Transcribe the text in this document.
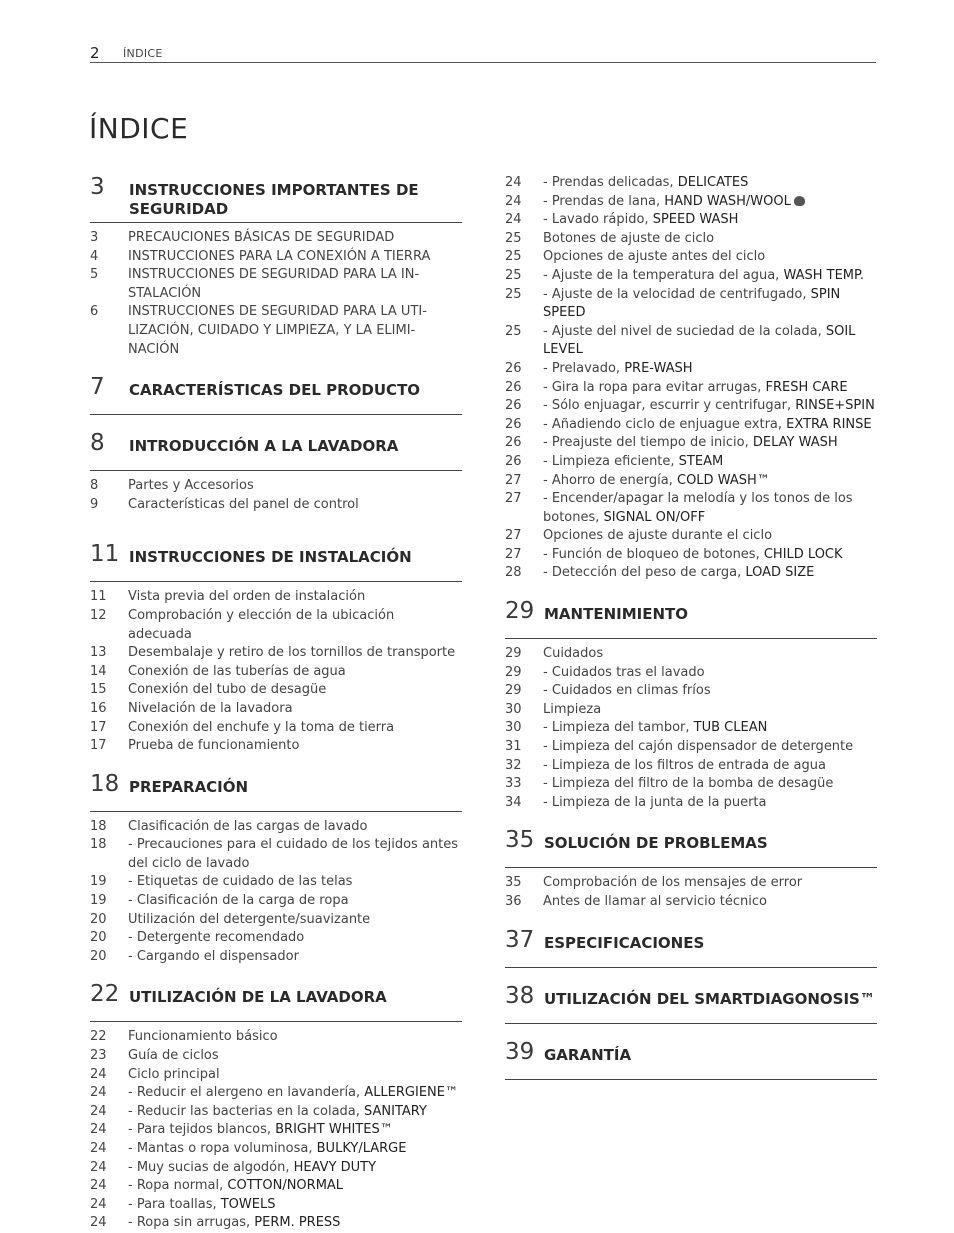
2 ÍNDICE
ÍNDICE
3 INSTRUCCIONES IMPORTANTES DE SEGURIDAD
3	PRECAUCIONES BÁSICAS DE SEGURIDAD
4	INSTRUCCIONES PARA LA CONEXIÓN A TIERRA
5	INSTRUCCIONES DE SEGURIDAD PARA LA IN-STALACIÓN
6	INSTRUCCIONES DE SEGURIDAD PARA LA UTI-LIZACIÓN, CUIDADO Y LIMPIEZA, Y LA ELIMI-NACIÓN
7 CARACTERÍSTICAS DEL PRODUCTO
8 INTRODUCCIÓN A LA LAVADORA
8	Partes y Accesorios
9	Características del panel de control
11 INSTRUCCIONES DE INSTALACIÓN
11	Vista previa del orden de instalación
12	Comprobación y elección de la ubicación adecuada
13	Desembalaje y retiro de los tornillos de transporte
14	Conexión de las tuberías de agua
15	Conexión del tubo de desagüe
16	Nivelación de la lavadora
17	Conexión del enchufe y la toma de tierra
17	Prueba de funcionamiento
18 PREPARACIÓN
18	Clasificación de las cargas de lavado
18	- Precauciones para el cuidado de los tejidos antes del ciclo de lavado
19	- Etiquetas de cuidado de las telas
19	- Clasificación de la carga de ropa
20	Utilización del detergente/suavizante
20	- Detergente recomendado
20	- Cargando el dispensador
22 UTILIZACIÓN DE LA LAVADORA
22	Funcionamiento básico
23	Guía de ciclos
24	Ciclo principal
24	- Reducir el alergeno en lavandería, ALLERGIENE™
24	- Reducir las bacterias en la colada, SANITARY
24	- Para tejidos blancos, BRIGHT WHITES™
24	- Mantas o ropa voluminosa, BULKY/LARGE
24	- Muy sucias de algodón, HEAVY DUTY
24	- Ropa normal, COTTON/NORMAL
24	- Para toallas, TOWELS
24	- Ropa sin arrugas, PERM. PRESS
24	- Prendas delicadas, DELICATES
24	- Prendas de lana, HAND WASH/WOOL
24	- Lavado rápido, SPEED WASH
25	Botones de ajuste de ciclo
25	Opciones de ajuste antes del ciclo
25	- Ajuste de la temperatura del agua, WASH TEMP.
25	- Ajuste de la velocidad de centrifugado, SPIN SPEED
25	- Ajuste del nivel de suciedad de la colada, SOIL LEVEL
26	- Prelavado, PRE-WASH
26	- Gira la ropa para evitar arrugas, FRESH CARE
26	- Sólo enjuagar, escurrir y centrifugar, RINSE+SPIN
26	- Añadiendo ciclo de enjuague extra, EXTRA RINSE
26	- Preajuste del tiempo de inicio, DELAY WASH
26	- Limpieza eficiente, STEAM
27	- Ahorro de energía, COLD WASH™
27	- Encender/apagar la melodía y los tonos de los botones, SIGNAL ON/OFF
27	Opciones de ajuste durante el ciclo
27	- Función de bloqueo de botones, CHILD LOCK
28	- Detección del peso de carga, LOAD SIZE
29 MANTENIMIENTO
29	Cuidados
29	- Cuidados tras el lavado
29	- Cuidados en climas fríos
30	Limpieza
30	- Limpieza del tambor, TUB CLEAN
31	- Limpieza del cajón dispensador de detergente
32	- Limpieza de los filtros de entrada de agua
33	- Limpieza del filtro de la bomba de desagüe
34	- Limpieza de la junta de la puerta
35 SOLUCIÓN DE PROBLEMAS
35	Comprobación de los mensajes de error
36	Antes de llamar al servicio técnico
37 ESPECIFICACIONES
38 UTILIZACIÓN DEL SMARTDIAGONOSIS™
39 GARANTÍA
